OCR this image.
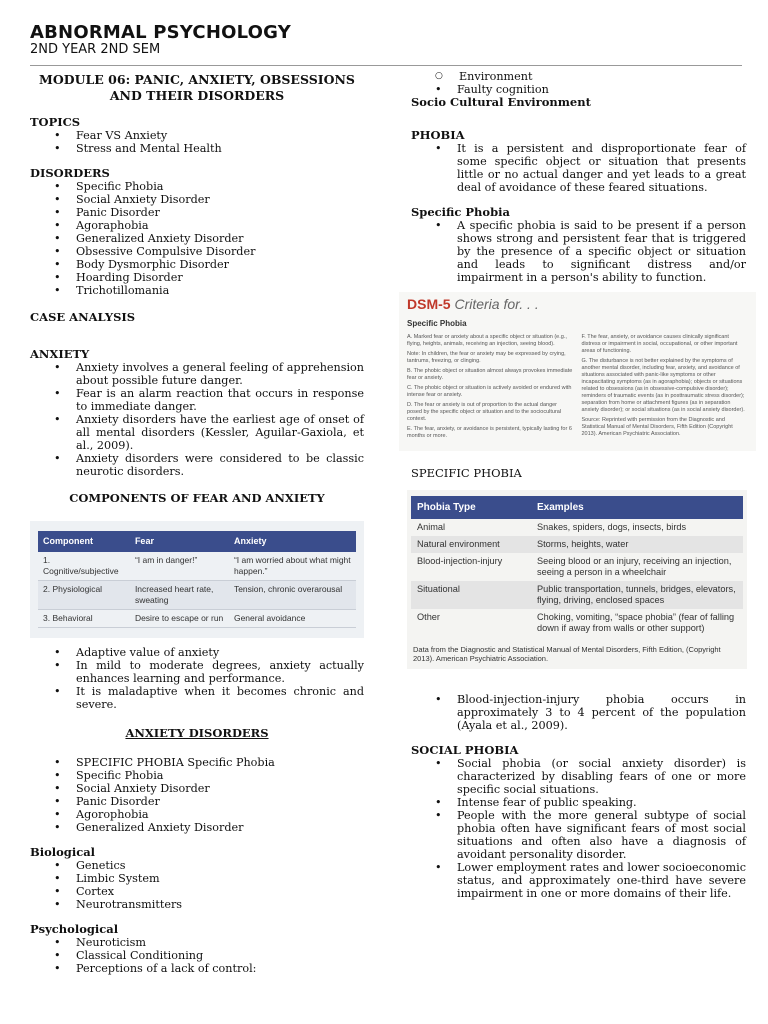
ABNORMAL PSYCHOLOGY
2ND YEAR 2ND SEM
MODULE 06: PANIC, ANXIETY, OBSESSIONS AND THEIR DISORDERS
TOPICS
• Fear VS Anxiety
• Stress and Mental Health
DISORDERS
• Specific Phobia
• Social Anxiety Disorder
• Panic Disorder
• Agoraphobia
• Generalized Anxiety Disorder
• Obsessive Compulsive Disorder
• Body Dysmorphic Disorder
• Hoarding Disorder
• Trichotillomania
CASE ANALYSIS
ANXIETY
• Anxiety involves a general feeling of apprehension about possible future danger.
• Fear is an alarm reaction that occurs in response to immediate danger.
• Anxiety disorders have the earliest age of onset of all mental disorders (Kessler, Aguilar-Gaxiola, et al., 2009).
• Anxiety disorders were considered to be classic neurotic disorders.
COMPONENTS OF FEAR AND ANXIETY
Component	Fear	Anxiety
1. Cognitive/subjective	“I am in danger!”	“I am worried about what might happen.”
2. Physiological	Increased heart rate, sweating	Tension, chronic overarousal
3. Behavioral	Desire to escape or run	General avoidance
• Adaptive value of anxiety
• In mild to moderate degrees, anxiety actually enhances learning and performance.
• It is maladaptive when it becomes chronic and severe.
ANXIETY DISORDERS
• SPECIFIC PHOBIA Specific Phobia
• Specific Phobia
• Social Anxiety Disorder
• Panic Disorder
• Agorophobia
• Generalized Anxiety Disorder
Biological
• Genetics
• Limbic System
• Cortex
• Neurotransmitters
Psychological
• Neuroticism
• Classical Conditioning
• Perceptions of a lack of control:
○ Environment
• Faulty cognition
Socio Cultural Environment
PHOBIA
• It is a persistent and disproportionate fear of some specific object or situation that presents little or no actual danger and yet leads to a great deal of avoidance of these feared situations.
Specific Phobia
• A specific phobia is said to be present if a person shows strong and persistent fear that is triggered by the presence of a specific object or situation and leads to significant distress and/or impairment in a person's ability to function.
DSM-5 Criteria for. . .
Specific Phobia

A. Marked fear or anxiety about a specific object or situation (e.g., flying, heights, animals, receiving an injection, seeing blood).

Note: In children, the fear or anxiety may be expressed by crying, tantrums, freezing, or clinging.

B. The phobic object or situation almost always provokes immediate fear or anxiety.

C. The phobic object or situation is actively avoided or endured with intense fear or anxiety.

D. The fear or anxiety is out of proportion to the actual danger posed by the specific object or situation and to the sociocultural context.

E. The fear, anxiety, or avoidance is persistent, typically lasting for 6 months or more.

F. The fear, anxiety, or avoidance causes clinically significant distress or impairment in social, occupational, or other important areas of functioning.

G. The disturbance is not better explained by the symptoms of another mental disorder, including fear, anxiety, and avoidance of situations associated with panic-like symptoms or other incapacitating symptoms (as in agoraphobia); objects or situations related to obsessions (as in obsessive-compulsive disorder); reminders of traumatic events (as in posttraumatic stress disorder); separation from home or attachment figures (as in separation anxiety disorder); or social situations (as in social anxiety disorder).

Source: Reprinted with permission from the Diagnostic and Statistical Manual of Mental Disorders, Fifth Edition (Copyright 2013). American Psychiatric Association.

SPECIFIC PHOBIA
Phobia Type	Examples
Animal	Snakes, spiders, dogs, insects, birds
Natural environment	Storms, heights, water
Blood-injection-injury	Seeing blood or an injury, receiving an injection, seeing a person in a wheelchair
Situational	Public transportation, tunnels, bridges, elevators, flying, driving, enclosed spaces
Other	Choking, vomiting, “space phobia” (fear of falling down if away from walls or other support)
Data from the Diagnostic and Statistical Manual of Mental Disorders, Fifth Edition, (Copyright 2013). American Psychiatric Association.
• Blood-injection-injury phobia occurs in approximately 3 to 4 percent of the population (Ayala et al., 2009).
SOCIAL PHOBIA
• Social phobia (or social anxiety disorder) is characterized by disabling fears of one or more specific social situations.
• Intense fear of public speaking.
• People with the more general subtype of social phobia often have significant fears of most social situations and often also have a diagnosis of avoidant personality disorder.
• Lower employment rates and lower socioeconomic status, and approximately one-third have severe impairment in one or more domains of their life.
